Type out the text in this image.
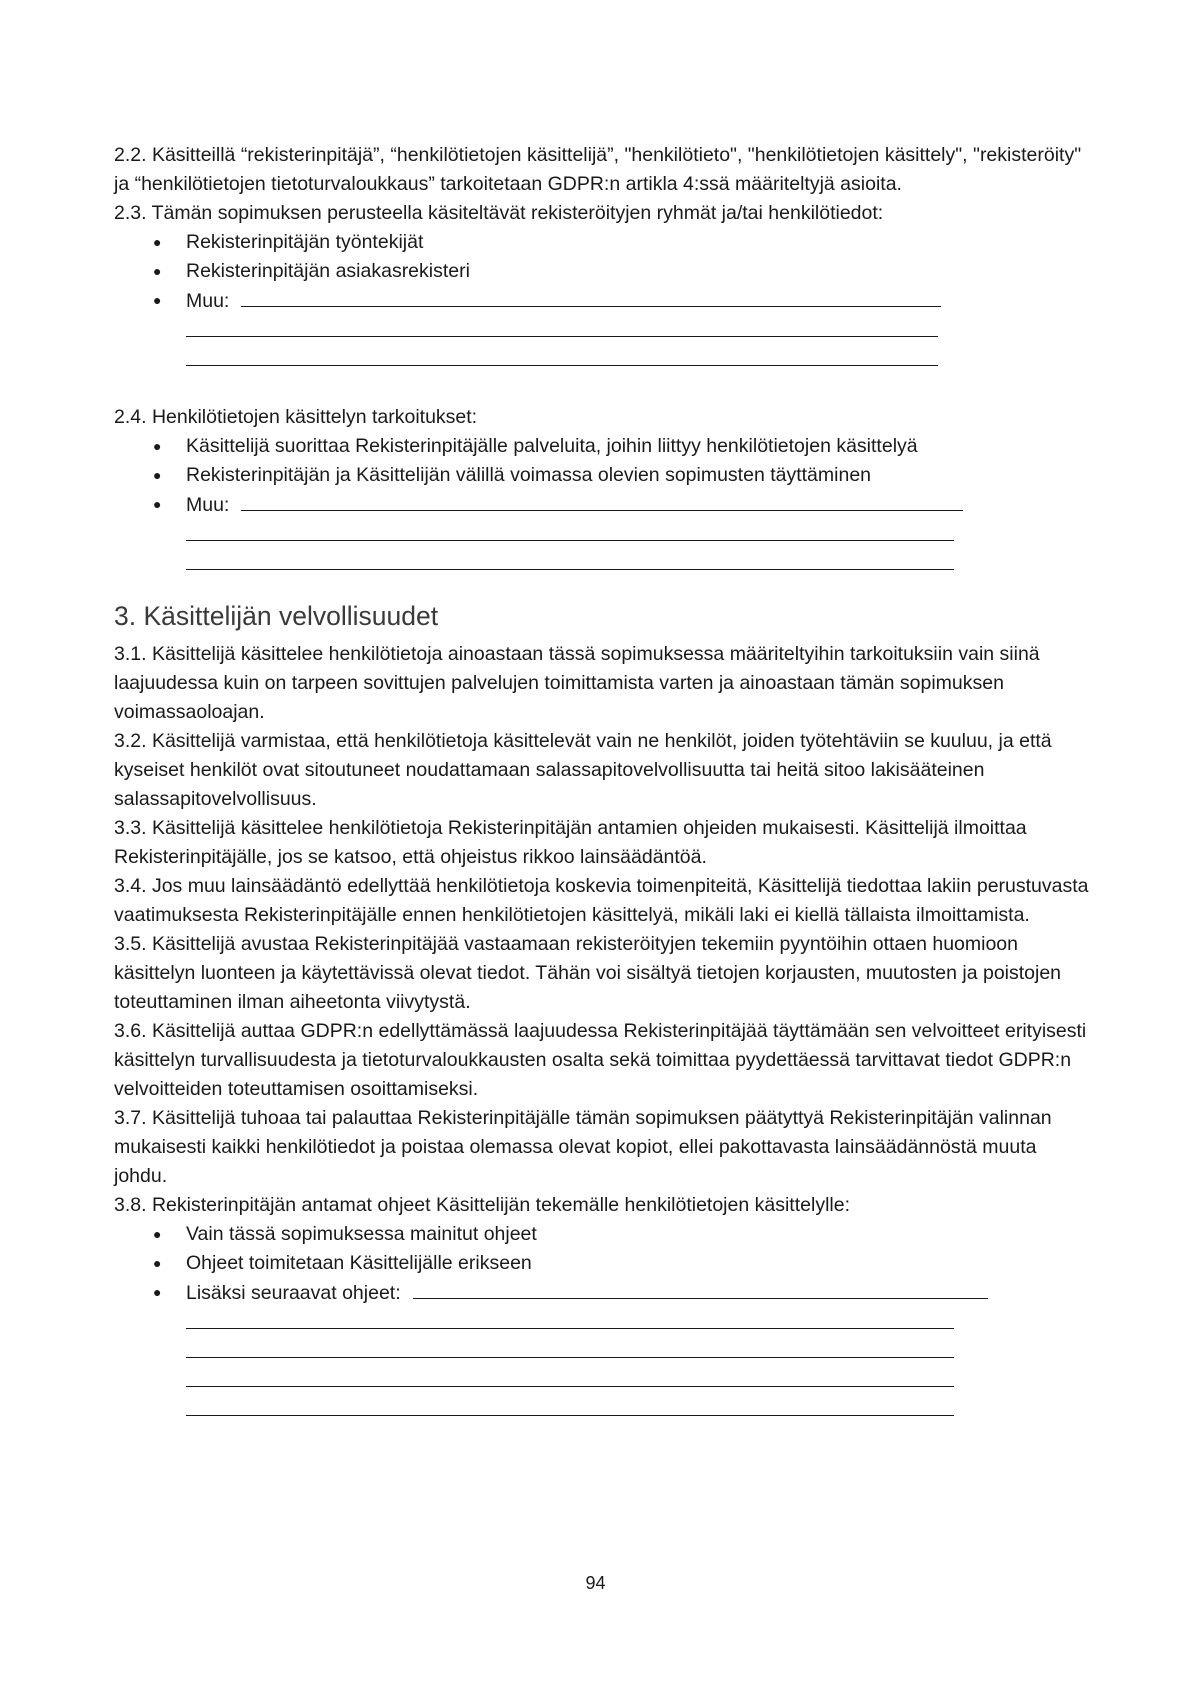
2.2. Käsitteillä “rekisterinpitäjä”, “henkilötietojen käsittelijä”, "henkilötieto", "henkilötietojen käsittely", "rekisteröity" ja “henkilötietojen tietoturvaloukkaus” tarkoitetaan GDPR:n artikla 4:ssä määriteltyjä asioita.

2.3. Tämän sopimuksen perusteella käsiteltävät rekisteröityjen ryhmät ja/tai henkilötiedot:

● Rekisterinpitäjän työntekijät
● Rekisterinpitäjän asiakasrekisteri
● Muu:

2.4. Henkilötietojen käsittelyn tarkoitukset:

● Käsittelijä suorittaa Rekisterinpitäjälle palveluita, joihin liittyy henkilötietojen käsittelyä
● Rekisterinpitäjän ja Käsittelijän välillä voimassa olevien sopimusten täyttäminen
● Muu:
3. Käsittelijän velvollisuudet

3.1. Käsittelijä käsittelee henkilötietoja ainoastaan tässä sopimuksessa määriteltyihin tarkoituksiin vain siinä laajuudessa kuin on tarpeen sovittujen palvelujen toimittamista varten ja ainoastaan tämän sopimuksen voimassaoloajan.

3.2. Käsittelijä varmistaa, että henkilötietoja käsittelevät vain ne henkilöt, joiden työtehtäviin se kuuluu, ja että kyseiset henkilöt ovat sitoutuneet noudattamaan salassapitovelvollisuutta tai heitä sitoo lakisääteinen salassapitovelvollisuus.

3.3. Käsittelijä käsittelee henkilötietoja Rekisterinpitäjän antamien ohjeiden mukaisesti. Käsittelijä ilmoittaa Rekisterinpitäjälle, jos se katsoo, että ohjeistus rikkoo lainsäädäntöä.

3.4. Jos muu lainsäädäntö edellyttää henkilötietoja koskevia toimenpiteitä, Käsittelijä tiedottaa lakiin perustuvasta vaatimuksesta Rekisterinpitäjälle ennen henkilötietojen käsittelyä, mikäli laki ei kiellä tällaista ilmoittamista.

3.5. Käsittelijä avustaa Rekisterinpitäjää vastaamaan rekisteröityjen tekemiin pyyntöihin ottaen huomioon käsittelyn luonteen ja käytettävissä olevat tiedot. Tähän voi sisältyä tietojen korjausten, muutosten ja poistojen toteuttaminen ilman aiheetonta viivytystä.

3.6. Käsittelijä auttaa GDPR:n edellyttämässä laajuudessa Rekisterinpitäjää täyttämään sen velvoitteet erityisesti käsittelyn turvallisuudesta ja tietoturvaloukkausten osalta sekä toimittaa pyydettäessä tarvittavat tiedot GDPR:n velvoitteiden toteuttamisen osoittamiseksi.

3.7. Käsittelijä tuhoaa tai palauttaa Rekisterinpitäjälle tämän sopimuksen päätyttyä Rekisterinpitäjän valinnan mukaisesti kaikki henkilötiedot ja poistaa olemassa olevat kopiot, ellei pakottavasta lainsäädännöstä muuta johdu.

3.8. Rekisterinpitäjän antamat ohjeet Käsittelijän tekemälle henkilötietojen käsittelylle:

● Vain tässä sopimuksessa mainitut ohjeet
● Ohjeet toimitetaan Käsittelijälle erikseen
● Lisäksi seuraavat ohjeet:
94
